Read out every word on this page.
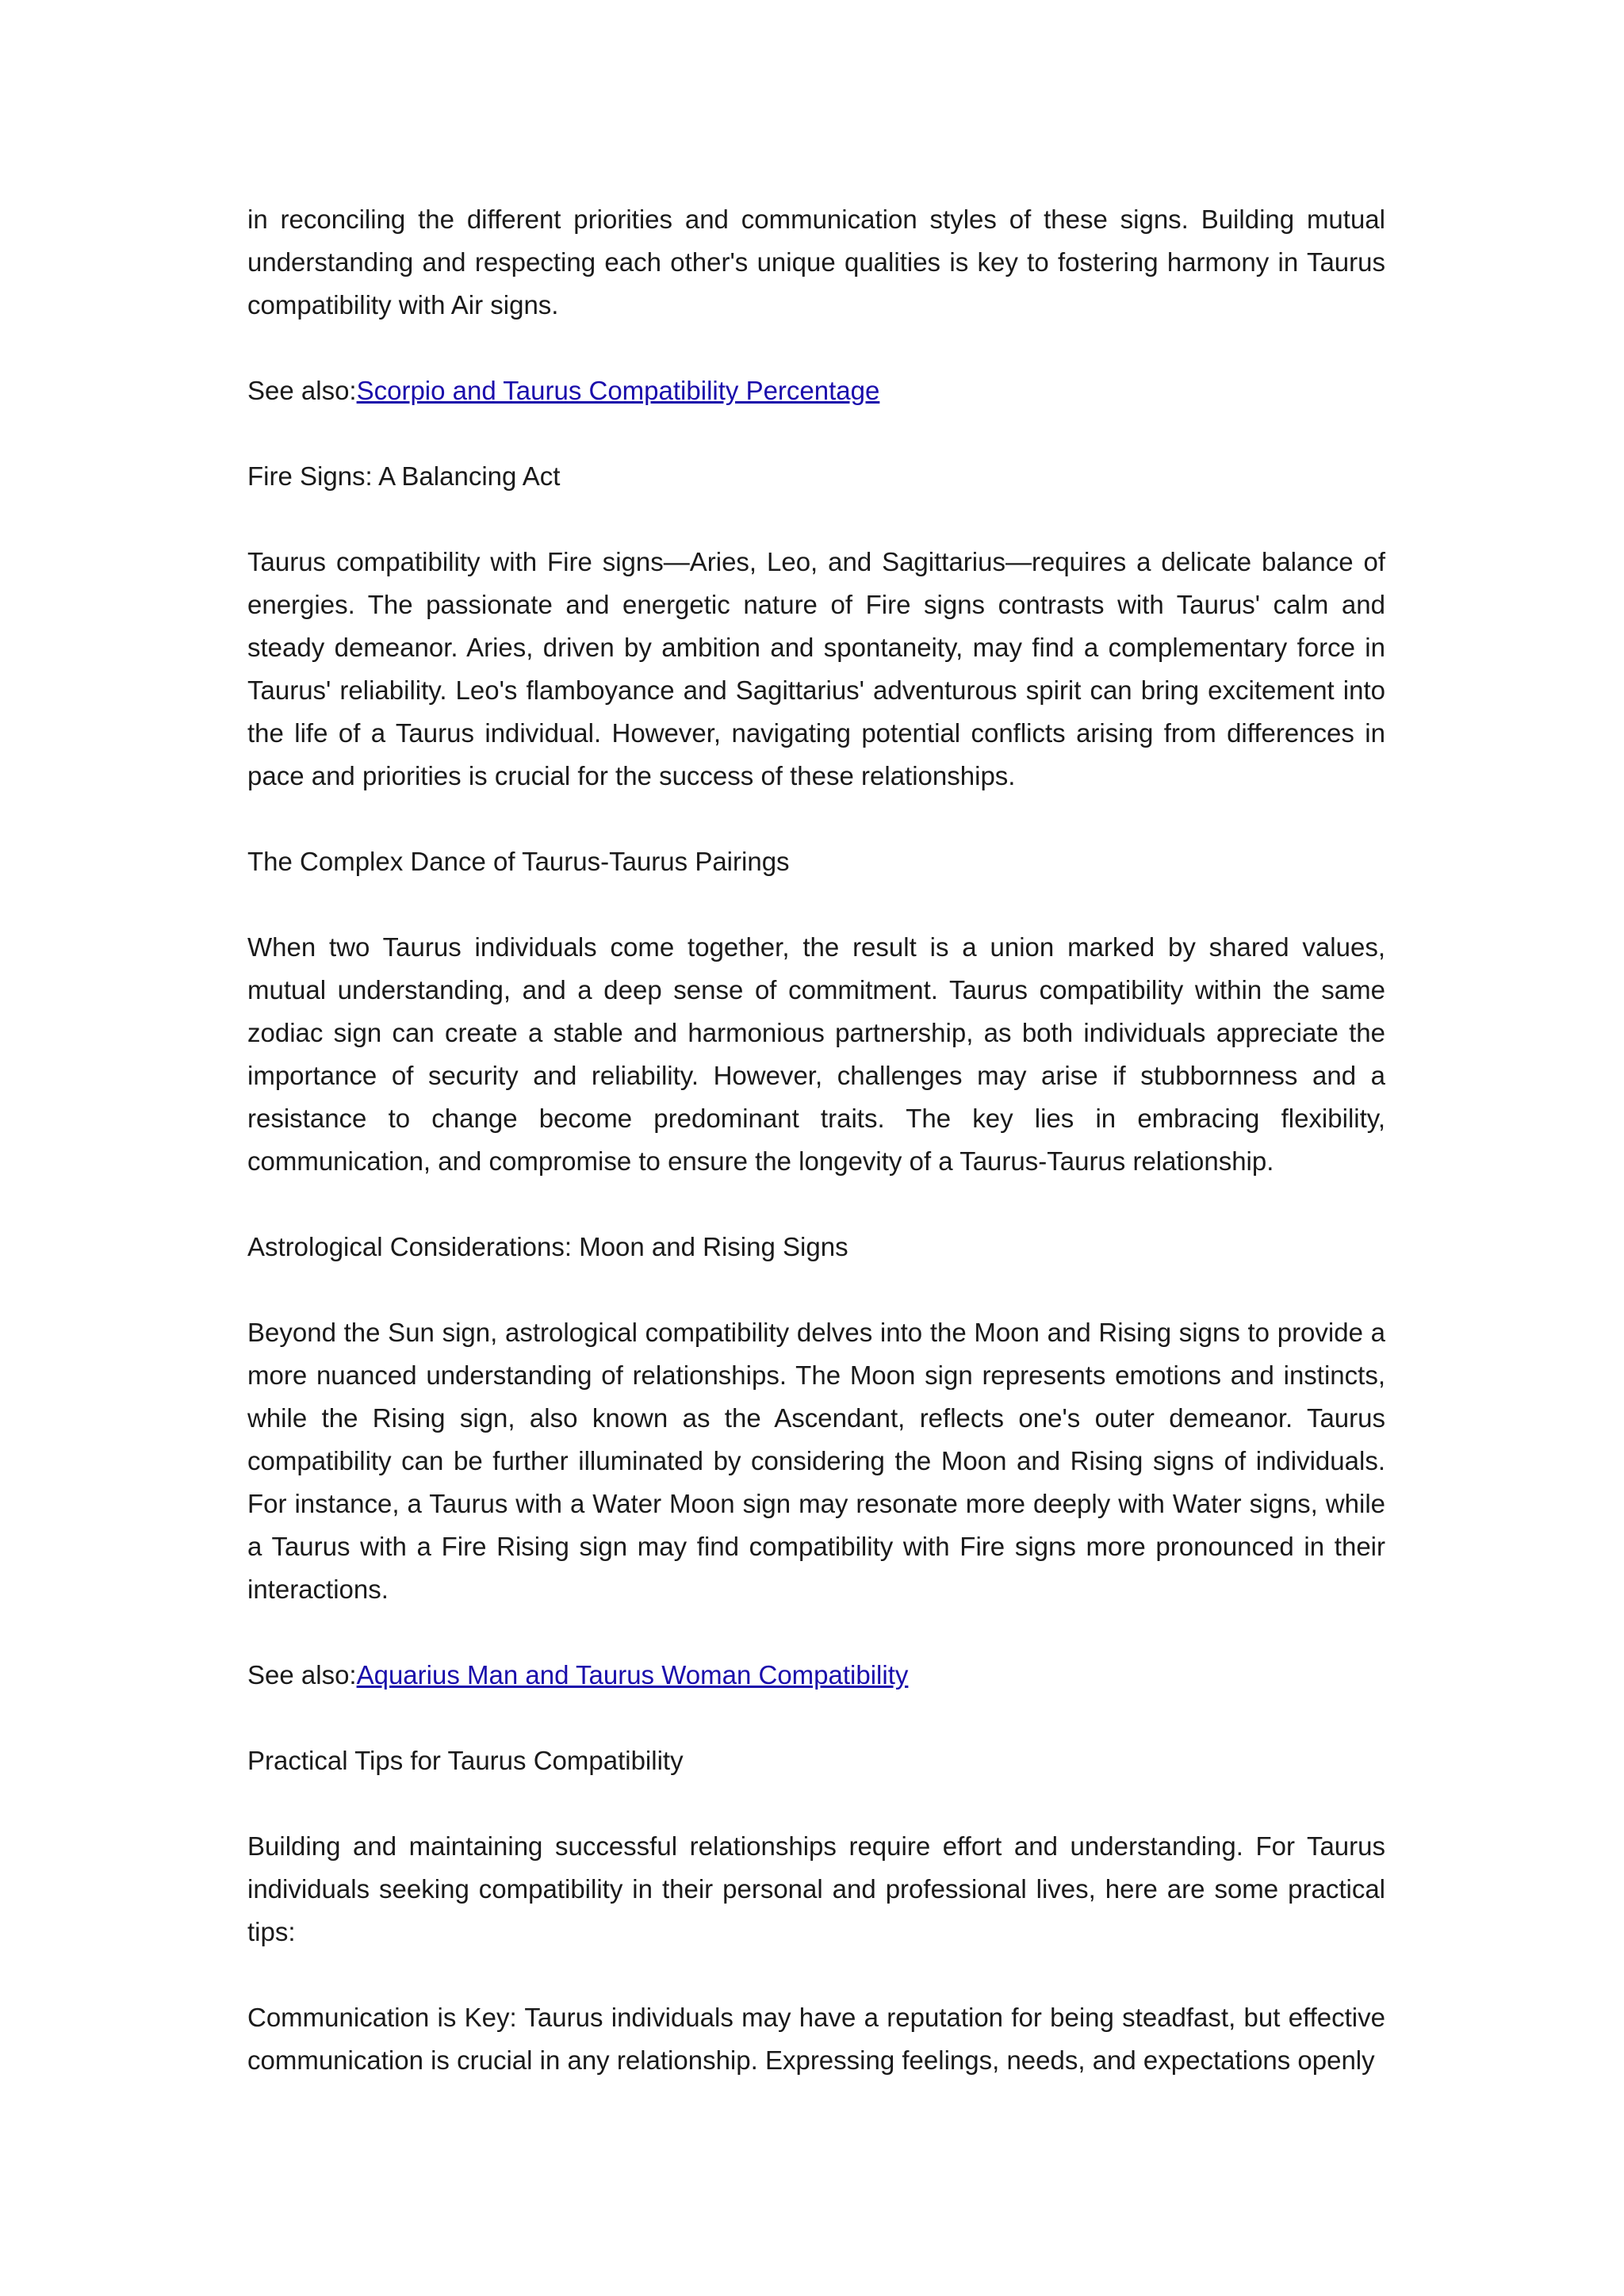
in reconciling the different priorities and communication styles of these signs. Building mutual understanding and respecting each other's unique qualities is key to fostering harmony in Taurus compatibility with Air signs.

See also:Scorpio and Taurus Compatibility Percentage

Fire Signs: A Balancing Act

Taurus compatibility with Fire signs—Aries, Leo, and Sagittarius—requires a delicate balance of energies. The passionate and energetic nature of Fire signs contrasts with Taurus' calm and steady demeanor. Aries, driven by ambition and spontaneity, may find a complementary force in Taurus' reliability. Leo's flamboyance and Sagittarius' adventurous spirit can bring excitement into the life of a Taurus individual. However, navigating potential conflicts arising from differences in pace and priorities is crucial for the success of these relationships.

The Complex Dance of Taurus-Taurus Pairings

When two Taurus individuals come together, the result is a union marked by shared values, mutual understanding, and a deep sense of commitment. Taurus compatibility within the same zodiac sign can create a stable and harmonious partnership, as both individuals appreciate the importance of security and reliability. However, challenges may arise if stubbornness and a resistance to change become predominant traits. The key lies in embracing flexibility, communication, and compromise to ensure the longevity of a Taurus-Taurus relationship.

Astrological Considerations: Moon and Rising Signs

Beyond the Sun sign, astrological compatibility delves into the Moon and Rising signs to provide a more nuanced understanding of relationships. The Moon sign represents emotions and instincts, while the Rising sign, also known as the Ascendant, reflects one's outer demeanor. Taurus compatibility can be further illuminated by considering the Moon and Rising signs of individuals. For instance, a Taurus with a Water Moon sign may resonate more deeply with Water signs, while a Taurus with a Fire Rising sign may find compatibility with Fire signs more pronounced in their interactions.

See also:Aquarius Man and Taurus Woman Compatibility

Practical Tips for Taurus Compatibility

Building and maintaining successful relationships require effort and understanding. For Taurus individuals seeking compatibility in their personal and professional lives, here are some practical tips:

Communication is Key: Taurus individuals may have a reputation for being steadfast, but effective communication is crucial in any relationship. Expressing feelings, needs, and expectations openly
